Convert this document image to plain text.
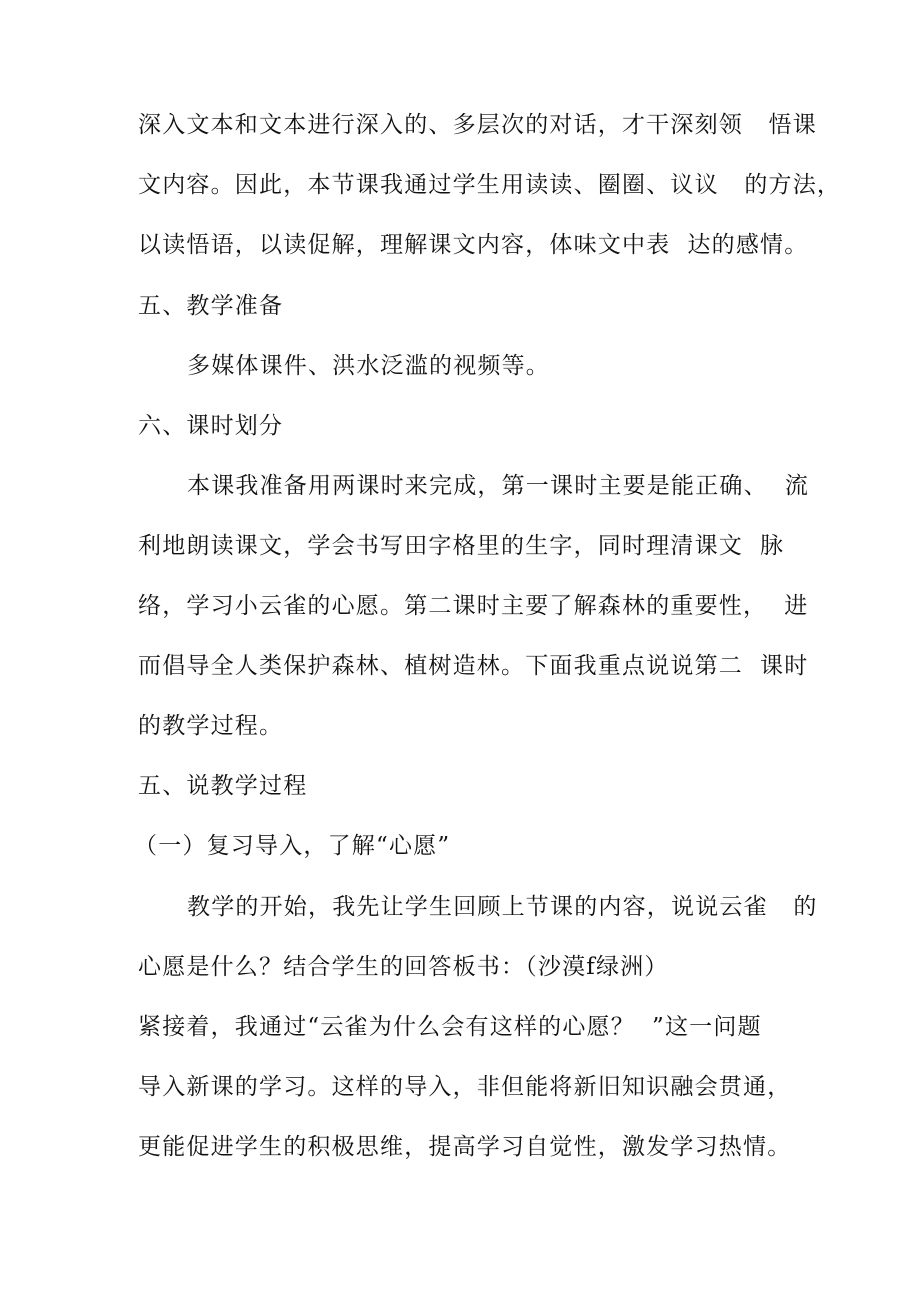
深入文本和文本进行深入的、多层次的对话，才干深刻领   悟课
文内容。因此，本节课我通过学生用读读、圈圈、议议   的方法，
以读悟语，以读促解，理解课文内容，体味文中表  达的感情。
五、教学准备
多媒体课件、洪水泛滥的视频等。
六、课时划分
本课我准备用两课时来完成，第一课时主要是能正确、  流
利地朗读课文，学会书写田字格里的生字，同时理清课文  脉
络，学习小云雀的心愿。第二课时主要了解森林的重要性，  进
而倡导全人类保护森林、植树造林。下面我重点说说第二  课时
的教学过程。
五、说教学过程
（一）复习导入，了解“心愿”
教学的开始，我先让学生回顾上节课的内容，说说云雀   的
心愿是什么？结合学生的回答板书：（沙漠f绿洲）
紧接着，我通过“云雀为什么会有这样的心愿？  ”这一问题
导入新课的学习。这样的导入，非但能将新旧知识融会贯通，
更能促进学生的积极思维，提高学习自觉性，激发学习热情。
